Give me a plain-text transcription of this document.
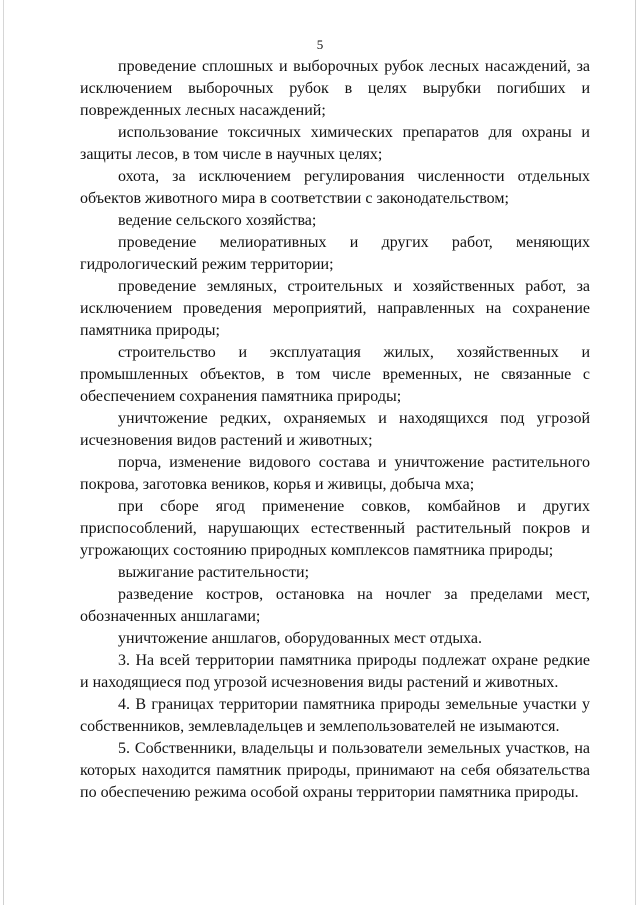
5

проведение сплошных и выборочных рубок лесных насаждений, за исключением выборочных рубок в целях вырубки погибших и поврежденных лесных насаждений;

использование токсичных химических препаратов для охраны и защиты лесов, в том числе в научных целях;

охота, за исключением регулирования численности отдельных объектов животного мира в соответствии с законодательством;

ведение сельского хозяйства;

проведение мелиоративных и других работ, меняющих гидрологический режим территории;

проведение земляных, строительных и хозяйственных работ, за исключением проведения мероприятий, направленных на сохранение памятника природы;

строительство и эксплуатация жилых, хозяйственных и промышленных объектов, в том числе временных, не связанные с обеспечением сохранения памятника природы;

уничтожение редких, охраняемых и находящихся под угрозой исчезновения видов растений и животных;

порча, изменение видового состава и уничтожение растительного покрова, заготовка веников, корья и живицы, добыча мха;

при сборе ягод применение совков, комбайнов и других приспособлений, нарушающих естественный растительный покров и угрожающих состоянию природных комплексов памятника природы;

выжигание растительности;

разведение костров, остановка на ночлег за пределами мест, обозначенных аншлагами;

уничтожение аншлагов, оборудованных мест отдыха.

3. На всей территории памятника природы подлежат охране редкие и находящиеся под угрозой исчезновения виды растений и животных.

4. В границах территории памятника природы земельные участки у собственников, землевладельцев и землепользователей не изымаются.

5. Собственники, владельцы и пользователи земельных участков, на которых находится памятник природы, принимают на себя обязательства по обеспечению режима особой охраны территории памятника природы.
